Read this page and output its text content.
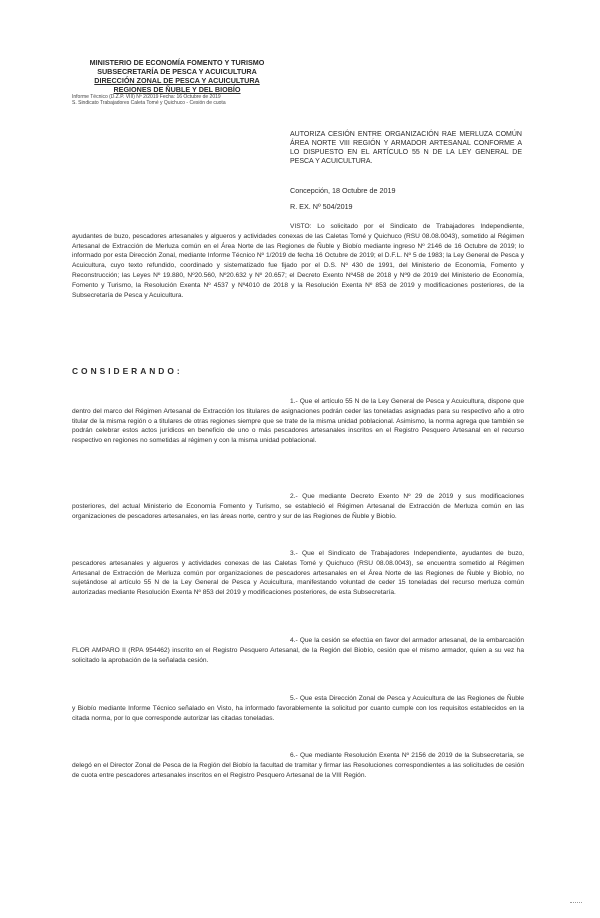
MINISTERIO DE ECONOMÍA FOMENTO Y TURISMO
SUBSECRETARÍA DE PESCA Y ACUICULTURA
DIRECCIÓN ZONAL DE PESCA Y ACUICULTURA
REGIONES DE ÑUBLE Y DEL BIOBÍO
Informe Técnico (D.Z.P. VIII) Nº 2/2019 Fecha: 16 Octubre de 2019
S. Sindicato Trabajadores Caleta Tomé y Quichuco - Cesión de cuota
AUTORIZA CESIÓN ENTRE ORGANIZACIÓN RAE MERLUZA COMÚN ÁREA NORTE VIII REGIÓN Y ARMADOR ARTESANAL CONFORME A LO DISPUESTO EN EL ARTÍCULO 55 N DE LA LEY GENERAL DE PESCA Y ACUICULTURA.
Concepción, 18 Octubre de 2019
R. EX. Nº 504/2019
VISTO: Lo solicitado por el Sindicato de Trabajadores Independiente, ayudantes de buzo, pescadores artesanales y algueros y actividades conexas de las Caletas Tomé y Quichuco (RSU 08.08.0043), sometido al Régimen Artesanal de Extracción de Merluza común en el Área Norte de las Regiones de Ñuble y Biobío mediante ingreso Nº 2146 de 16 Octubre de 2019; lo informado por esta Dirección Zonal, mediante Informe Técnico Nº 1/2019 de fecha 16 Octubre de 2019; el D.F.L. Nº 5 de 1983; la Ley General de Pesca y Acuicultura, cuyo texto refundido, coordinado y sistematizado fue fijado por el D.S. Nº 430 de 1991, del Ministerio de Economía, Fomento y Reconstrucción; las Leyes Nº 19.880, Nº20.560, Nº20.632 y Nº 20.657; el Decreto Exento Nº458 de 2018 y Nº9 de 2019 del Ministerio de Economía, Fomento y Turismo, la Resolución Exenta Nº 4537 y Nº4010 de 2018 y la Resolución Exenta Nº 853 de 2019 y modificaciones posteriores, de la Subsecretaría de Pesca y Acuicultura.
CONSIDERANDO:
1.- Que el artículo 55 N de la Ley General de Pesca y Acuicultura, dispone que dentro del marco del Régimen Artesanal de Extracción los titulares de asignaciones podrán ceder las toneladas asignadas para su respectivo año a otro titular de la misma región o a titulares de otras regiones siempre que se trate de la misma unidad poblacional. Asimismo, la norma agrega que también se podrán celebrar estos actos jurídicos en beneficio de uno o más pescadores artesanales inscritos en el Registro Pesquero Artesanal en el recurso respectivo en regiones no sometidas al régimen y con la misma unidad poblacional.
2.- Que mediante Decreto Exento Nº 29 de 2019 y sus modificaciones posteriores, del actual Ministerio de Economía Fomento y Turismo, se estableció el Régimen Artesanal de Extracción de Merluza común en las organizaciones de pescadores artesanales, en las áreas norte, centro y sur de las Regiones de Ñuble y Biobío.
3.- Que el Sindicato de Trabajadores Independiente, ayudantes de buzo, pescadores artesanales y algueros y actividades conexas de las Caletas Tomé y Quichuco (RSU 08.08.0043), se encuentra sometido al Régimen Artesanal de Extracción de Merluza común por organizaciones de pescadores artesanales en el Área Norte de las Regiones de Ñuble y Biobío, no sujetándose al artículo 55 N de la Ley General de Pesca y Acuicultura, manifestando voluntad de ceder 15 toneladas del recurso merluza común autorizadas mediante Resolución Exenta Nº 853 del 2019 y modificaciones posteriores, de esta Subsecretaría.
4.- Que la cesión se efectúa en favor del armador artesanal, de la embarcación FLOR AMPARO II (RPA 954462) inscrito en el Registro Pesquero Artesanal, de la Región del Biobío, cesión que el mismo armador, quien a su vez ha solicitado la aprobación de la señalada cesión.
5.- Que esta Dirección Zonal de Pesca y Acuicultura de las Regiones de Ñuble y Biobío mediante Informe Técnico señalado en Visto, ha informado favorablemente la solicitud por cuanto cumple con los requisitos establecidos en la citada norma, por lo que corresponde autorizar las citadas toneladas.
6.- Que mediante Resolución Exenta Nº 2156 de 2019 de la Subsecretaría, se delegó en el Director Zonal de Pesca de la Región del Biobío la facultad de tramitar y firmar las Resoluciones correspondientes a las solicitudes de cesión de cuota entre pescadores artesanales inscritos en el Registro Pesquero Artesanal de la VIII Región.
